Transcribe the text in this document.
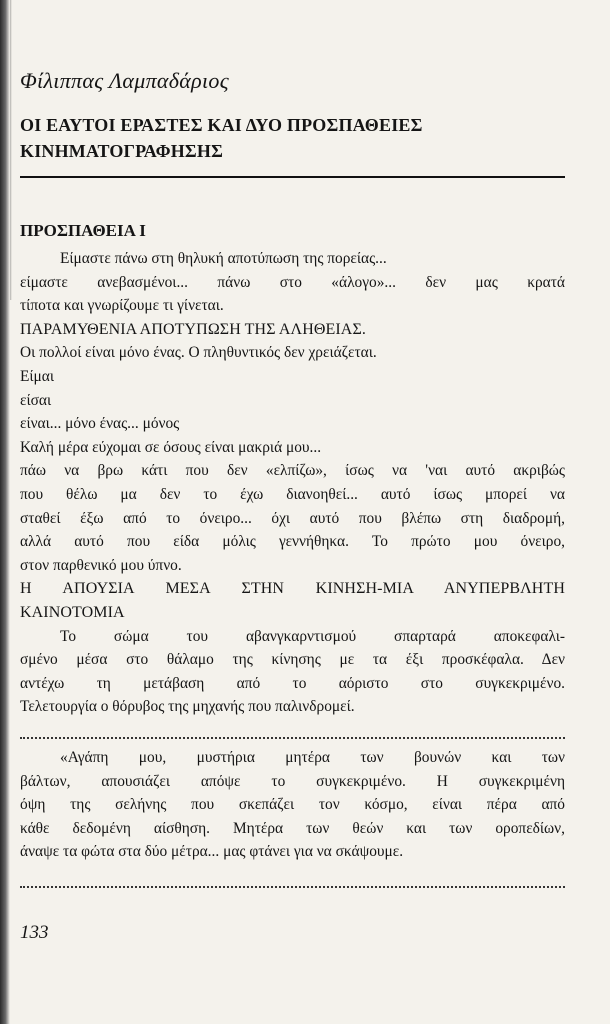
Φίλιππας Λαμπαδάριος
ΟΙ ΕΑΥΤΟΙ ΕΡΑΣΤΕΣ ΚΑΙ ΔΥΟ ΠΡΟΣΠΑΘΕΙΕΣ
ΚΙΝΗΜΑΤΟΓΡΑΦΗΣΗΣ
ΠΡΟΣΠΑΘΕΙΑ Ι
Είμαστε πάνω στη θηλυκή αποτύπωση της πορείας...
είμαστε ανεβασμένοι... πάνω στο «άλογο»... δεν μας κρατά
τίποτα και γνωρίζουμε τι γίνεται.
ΠΑΡΑΜΥΘΕΝΙΑ ΑΠΟΤΥΠΩΣΗ ΤΗΣ ΑΛΗΘΕΙΑΣ.
Οι πολλοί είναι μόνο ένας. Ο πληθυντικός δεν χρειάζεται.
Είμαι
είσαι
είναι... μόνο ένας... μόνος
Καλή μέρα εύχομαι σε όσους είναι μακριά μου...
πάω να βρω κάτι που δεν «ελπίζω», ίσως να 'ναι αυτό ακριβώς
που θέλω μα δεν το έχω διανοηθεί... αυτό ίσως μπορεί να
σταθεί έξω από το όνειρο... όχι αυτό που βλέπω στη διαδρομή,
αλλά αυτό που είδα μόλις γεννήθηκα. Το πρώτο μου όνειρο,
στον παρθενικό μου ύπνο.
Η ΑΠΟΥΣΙΑ ΜΕΣΑ ΣΤΗΝ ΚΙΝΗΣΗ-ΜΙΑ ΑΝΥΠΕΡΒΛΗΤΗ
ΚΑΙΝΟΤΟΜΙΑ
Το σώμα του αβανγκαρντισμού σπαρταρά αποκεφαλι-
σμένο μέσα στο θάλαμο της κίνησης με τα έξι προσκέφαλα. Δεν
αντέχω τη μετάβαση από το αόριστο στο συγκεκριμένο.
Τελετουργία ο θόρυβος της μηχανής που παλινδρομεί.
«Αγάπη μου, μυστήρια μητέρα των βουνών και των
βάλτων, απουσιάζει απόψε το συγκεκριμένο. Η συγκεκριμένη
όψη της σελήνης που σκεπάζει τον κόσμο, είναι πέρα από
κάθε δεδομένη αίσθηση. Μητέρα των θεών και των οροπεδίων,
άναψε τα φώτα στα δύο μέτρα... μας φτάνει για να σκάψουμε.
133
